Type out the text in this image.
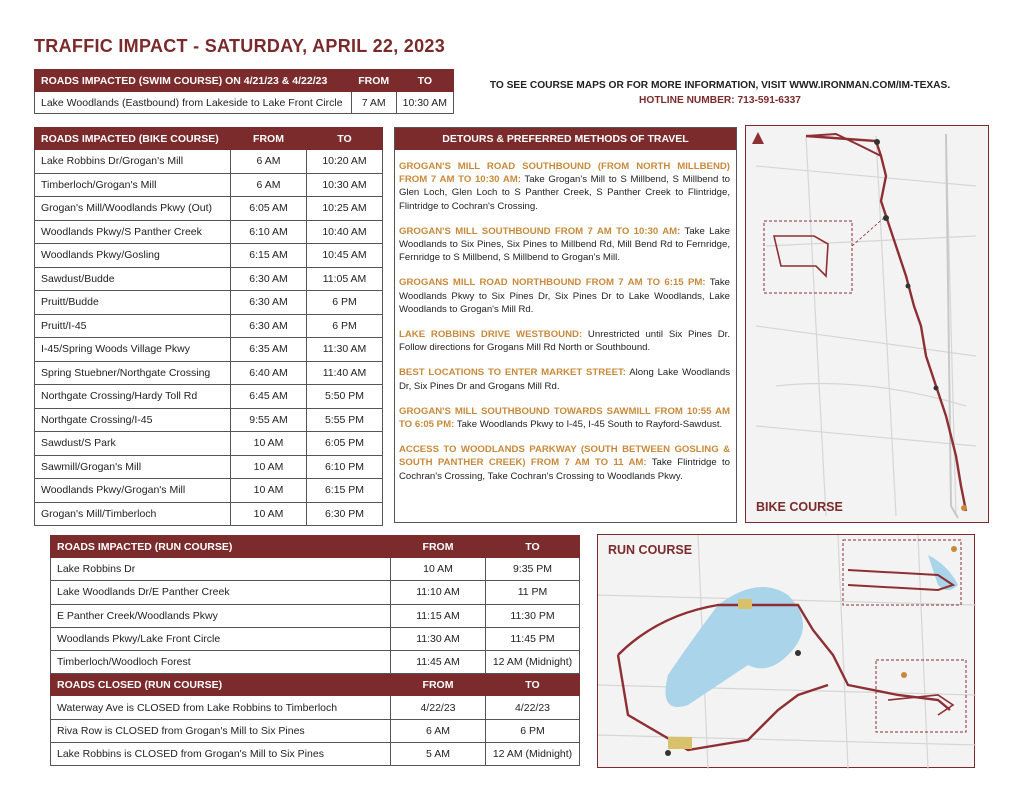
TRAFFIC IMPACT - SATURDAY, APRIL 22, 2023
ROADS IMPACTED (SWIM COURSE) ON 4/21/23 & 4/22/23	FROM	TO
Lake Woodlands (Eastbound) from Lakeside to Lake Front Circle	7 AM	10:30 AM
TO SEE COURSE MAPS OR FOR MORE INFORMATION, VISIT WWW.IRONMAN.COM/IM-TEXAS.
HOTLINE NUMBER: 713-591-6337
ROADS IMPACTED (BIKE COURSE)	FROM	TO
Lake Robbins Dr/Grogan's Mill	6 AM	10:20 AM
Timberloch/Grogan's Mill	6 AM	10:30 AM
Grogan's Mill/Woodlands Pkwy (Out)	6:05 AM	10:25 AM
Woodlands Pkwy/S Panther Creek	6:10 AM	10:40 AM
Woodlands Pkwy/Gosling	6:15 AM	10:45 AM
Sawdust/Budde	6:30 AM	11:05 AM
Pruitt/Budde	6:30 AM	6 PM
Pruitt/I-45	6:30 AM	6 PM
I-45/Spring Woods Village Pkwy	6:35 AM	11:30 AM
Spring Stuebner/Northgate Crossing	6:40 AM	11:40 AM
Northgate Crossing/Hardy Toll Rd	6:45 AM	5:50 PM
Northgate Crossing/I-45	9:55 AM	5:55 PM
Sawdust/S Park	10 AM	6:05 PM
Sawmill/Grogan's Mill	10 AM	6:10 PM
Woodlands Pkwy/Grogan's Mill	10 AM	6:15 PM
Grogan's Mill/Timberloch	10 AM	6:30 PM
DETOURS & PREFERRED METHODS OF TRAVEL

GROGAN'S MILL ROAD SOUTHBOUND (FROM NORTH MILLBEND) FROM 7 AM TO 10:30 AM: Take Grogan's Mill to S Millbend, S Millbend to Glen Loch, Glen Loch to S Panther Creek, S Panther Creek to Flintridge, Flintridge to Cochran's Crossing.

GROGAN'S MILL SOUTHBOUND FROM 7 AM TO 10:30 AM: Take Lake Woodlands to Six Pines, Six Pines to Millbend Rd, Mill Bend Rd to Fernridge, Fernridge to S Millbend, S Millbend to Grogan's Mill.

GROGANS MILL ROAD NORTHBOUND FROM 7 AM TO 6:15 PM: Take Woodlands Pkwy to Six Pines Dr, Six Pines Dr to Lake Woodlands, Lake Woodlands to Grogan's Mill Rd.

LAKE ROBBINS DRIVE WESTBOUND: Unrestricted until Six Pines Dr. Follow directions for Grogans Mill Rd North or Southbound.

BEST LOCATIONS TO ENTER MARKET STREET: Along Lake Woodlands Dr, Six Pines Dr and Grogans Mill Rd.

GROGAN'S MILL SOUTHBOUND TOWARDS SAWMILL FROM 10:55 AM TO 6:05 PM: Take Woodlands Pkwy to I-45, I-45 South to Rayford-Sawdust.

ACCESS TO WOODLANDS PARKWAY (SOUTH BETWEEN GOSLING & SOUTH PANTHER CREEK) FROM 7 AM TO 11 AM: Take Flintridge to Cochran's Crossing, Take Cochran's Crossing to Woodlands Pkwy.

BIKE COURSE
ROADS IMPACTED (RUN COURSE)	FROM	TO
Lake Robbins Dr	10 AM	9:35 PM
Lake Woodlands Dr/E Panther Creek	11:10 AM	11 PM
E Panther Creek/Woodlands Pkwy	11:15 AM	11:30 PM
Woodlands Pkwy/Lake Front Circle	11:30 AM	11:45 PM
Timberloch/Woodloch Forest	11:45 AM	12 AM (Midnight)
ROADS CLOSED (RUN COURSE)	FROM	TO
Waterway Ave is CLOSED from Lake Robbins to Timberloch	4/22/23	4/22/23
Riva Row is CLOSED from Grogan's Mill to Six Pines	6 AM	6 PM
Lake Robbins is CLOSED from Grogan's Mill to Six Pines	5 AM	12 AM (Midnight)
RUN COURSE
